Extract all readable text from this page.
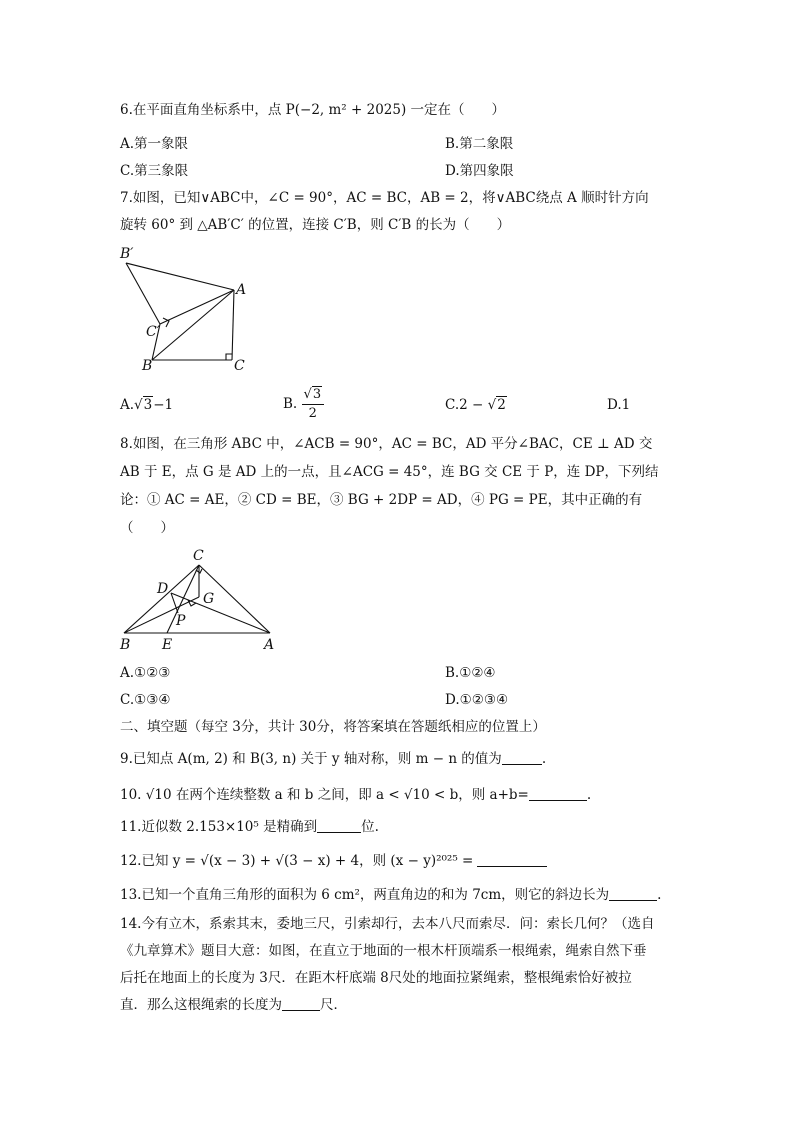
6.在平面直角坐标系中，点 P(−2, m² + 2025) 一定在（　　）
A.第一象限	B.第二象限
C.第三象限	D.第四象限
7.如图，已知∨ABC中，∠C = 90°，AC = BC，AB = 2，将∨ABC绕点 A 顺时针方向
旋转 60° 到 △AB′C′ 的位置，连接 C′B，则 C′B 的长为（　　）
B′
A
C′
B	C
A.√3−1	B. $\frac{√3}{2}$	C.2 − √2	D.1
8.如图，在三角形 ABC 中，∠ACB = 90°，AC = BC，AD 平分∠BAC，CE ⊥ AD 交
AB 于 E，点 G 是 AD 上的一点，且∠ACG = 45°，连 BG 交 CE 于 P，连 DP，下列结
论：① AC = AE，② CD = BE，③ BG + 2DP = AD，④ PG = PE，其中正确的有
（　　）
C
D
G
P
B E	A
A.①②③	B.①②④
C.①③④	D.①②③④
二、填空题（每空 3分，共计 30分，将答案填在答题纸相应的位置上）
9.已知点 A(m, 2) 和 B(3, n) 关于 y 轴对称，则 m − n 的值为	.
10. √10 在两个连续整数 a 和 b 之间，即 a < √10 < b，则 a+b=	.
11.近似数 2.153×10⁵ 是精确到	位.
12.已知 y = √(x − 3) + √(3 − x) + 4，则 (x − y)²⁰²⁵ =
13.已知一个直角三角形的面积为 6 cm²，两直角边的和为 7cm，则它的斜边长为	.
14.今有立木，系索其末，委地三尺，引索却行，去本八尺而索尽．问：索长几何？（选自
《九章算术》题目大意：如图，在直立于地面的一根木杆顶端系一根绳索，绳索自然下垂
后托在地面上的长度为 3尺．在距木杆底端 8尺处的地面拉紧绳索，整根绳索恰好被拉
直．那么这根绳索的长度为	尺．
